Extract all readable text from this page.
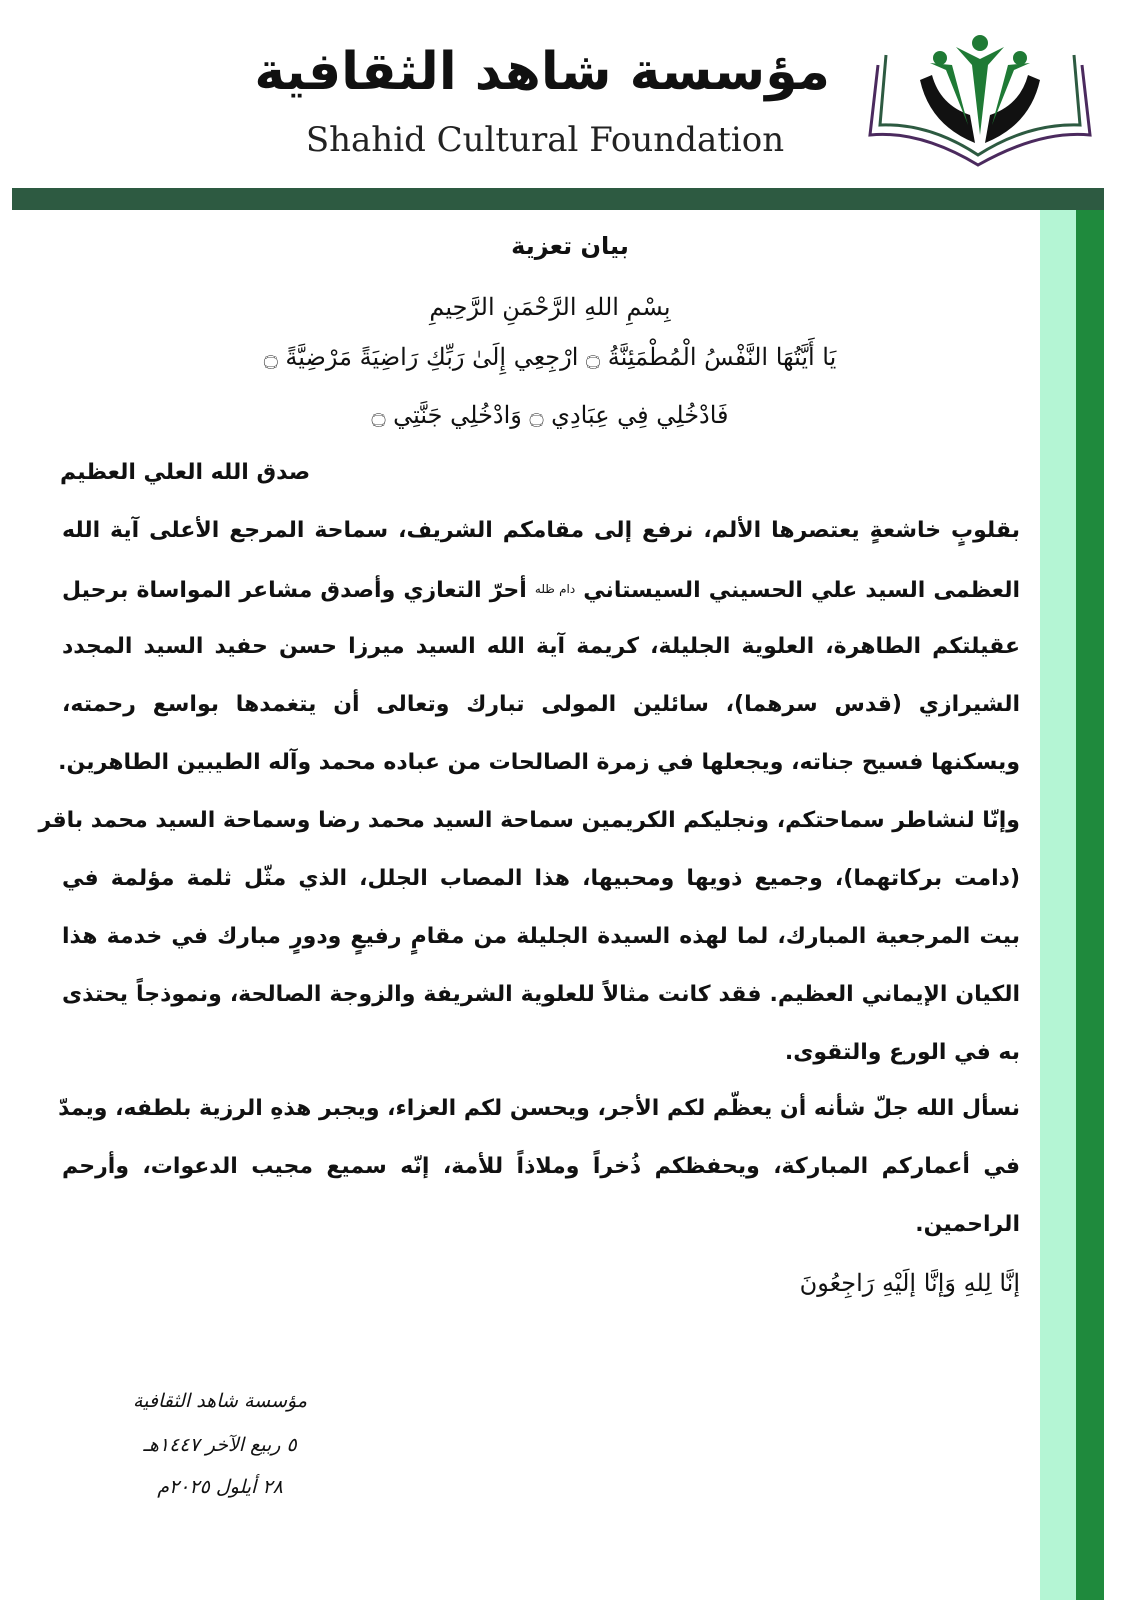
مؤسسة شاهد الثقافية
Shahid Cultural Foundation
بيان تعزية
بِسْمِ اللهِ الرَّحْمَنِ الرَّحِيمِ
يَا أَيَّتُهَا النَّفْسُ الْمُطْمَئِنَّةُ ۝ ارْجِعِي إِلَىٰ رَبِّكِ رَاضِيَةً مَرْضِيَّةً ۝
فَادْخُلِي فِي عِبَادِي ۝ وَادْخُلِي جَنَّتِي ۝
صدق الله العلي العظيم
بقلوبٍ خاشعةٍ يعتصرها الألم، نرفع إلى مقامكم الشريف، سماحة المرجع الأعلى آية الله
العظمى السيد علي الحسيني السيستاني دام ظله أحرّ التعازي وأصدق مشاعر المواساة برحيل
عقيلتكم الطاهرة، العلوية الجليلة، كريمة آية الله السيد ميرزا حسن حفيد السيد المجدد
الشيرازي (قدس سرهما)، سائلين المولى تبارك وتعالى أن يتغمدها بواسع رحمته،
ويسكنها فسيح جناته، ويجعلها في زمرة الصالحات من عباده محمد وآله الطيبين الطاهرين.
وإنّا لنشاطر سماحتكم، ونجليكم الكريمين سماحة السيد محمد رضا وسماحة السيد محمد باقر
(دامت بركاتهما)، وجميع ذويها ومحبيها، هذا المصاب الجلل، الذي مثّل ثلمة مؤلمة في
بيت المرجعية المبارك، لما لهذه السيدة الجليلة من مقامٍ رفيعٍ ودورٍ مبارك في خدمة هذا
الكيان الإيماني العظيم. فقد كانت مثالاً للعلوية الشريفة والزوجة الصالحة، ونموذجاً يحتذى
به في الورع والتقوى.
نسأل الله جلّ شأنه أن يعظّم لكم الأجر، ويحسن لكم العزاء، ويجبر هذهِ الرزية بلطفه، ويمدّ
في أعماركم المباركة، ويحفظكم ذُخراً وملاذاً للأمة، إنّه سميع مجيب الدعوات، وأرحم
الراحمين.
إنَّا لِلهِ وَإنَّا إلَيْهِ رَاجِعُونَ
مؤسسة شاهد الثقافية
٥ ربيع الآخر ١٤٤٧هـ
٢٨ أيلول ٢٠٢٥م
